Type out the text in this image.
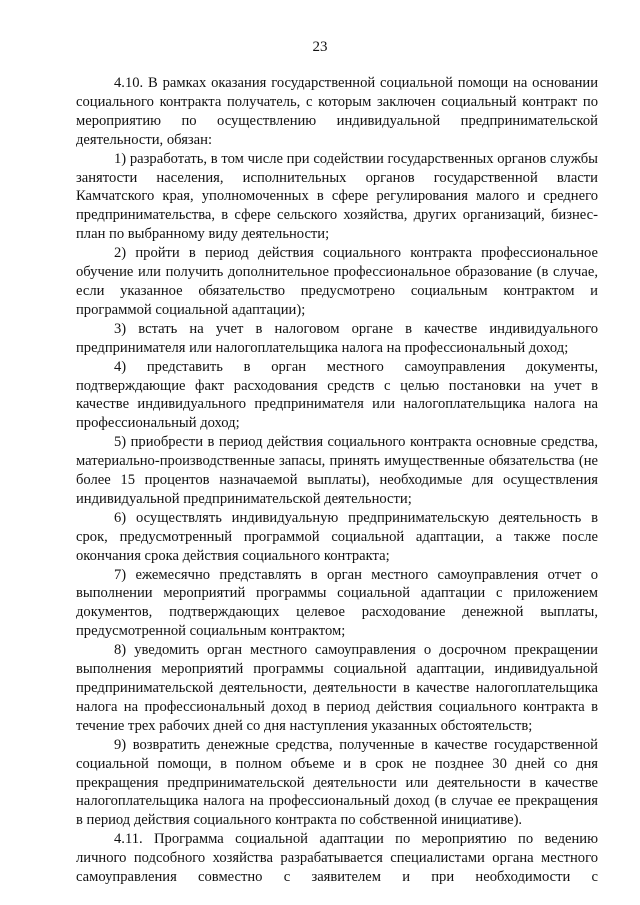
23

4.10. В рамках оказания государственной социальной помощи на основании социального контракта получатель, с которым заключен социальный контракт по мероприятию по осуществлению индивидуальной предпринимательской деятельности, обязан:

1) разработать, в том числе при содействии государственных органов службы занятости населения, исполнительных органов государственной власти Камчатского края, уполномоченных в сфере регулирования малого и среднего предпринимательства, в сфере сельского хозяйства, других организаций, бизнес-план по выбранному виду деятельности;

2) пройти в период действия социального контракта профессиональное обучение или получить дополнительное профессиональное образование (в случае, если указанное обязательство предусмотрено социальным контрактом и программой социальной адаптации);

3) встать на учет в налоговом органе в качестве индивидуального предпринимателя или налогоплательщика налога на профессиональный доход;

4) представить в орган местного самоуправления документы, подтверждающие факт расходования средств с целью постановки на учет в качестве индивидуального предпринимателя или налогоплательщика налога на профессиональный доход;

5) приобрести в период действия социального контракта основные средства, материально-производственные запасы, принять имущественные обязательства (не более 15 процентов назначаемой выплаты), необходимые для осуществления индивидуальной предпринимательской деятельности;

6) осуществлять индивидуальную предпринимательскую деятельность в срок, предусмотренный программой социальной адаптации, а также после окончания срока действия социального контракта;

7) ежемесячно представлять в орган местного самоуправления отчет о выполнении мероприятий программы социальной адаптации с приложением документов, подтверждающих целевое расходование денежной выплаты, предусмотренной социальным контрактом;

8) уведомить орган местного самоуправления о досрочном прекращении выполнения мероприятий программы социальной адаптации, индивидуальной предпринимательской деятельности, деятельности в качестве налогоплательщика налога на профессиональный доход в период действия социального контракта в течение трех рабочих дней со дня наступления указанных обстоятельств;

9) возвратить денежные средства, полученные в качестве государственной социальной помощи, в полном объеме и в срок не позднее 30 дней со дня прекращения предпринимательской деятельности или деятельности в качестве налогоплательщика налога на профессиональный доход (в случае ее прекращения в период действия социального контракта по собственной инициативе).

4.11. Программа социальной адаптации по мероприятию по ведению личного подсобного хозяйства разрабатывается специалистами органа местного самоуправления совместно с заявителем и при необходимости с
